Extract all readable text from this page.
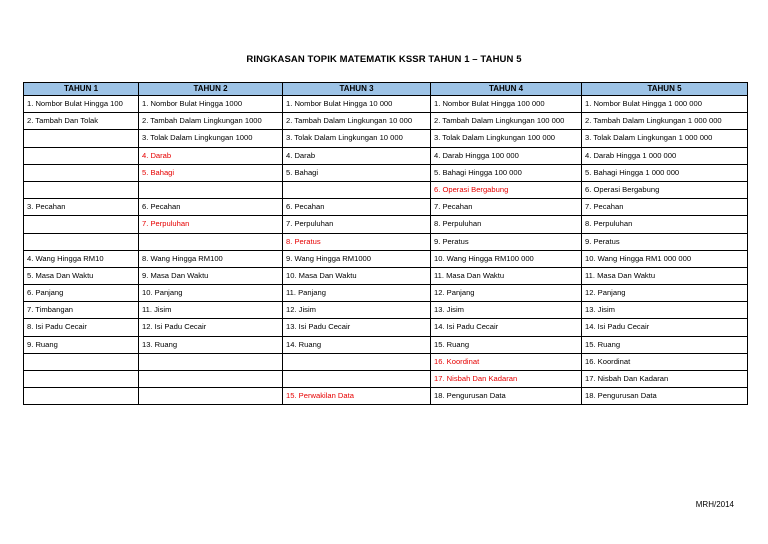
RINGKASAN TOPIK MATEMATIK KSSR TAHUN 1 – TAHUN 5
TAHUN 1	TAHUN 2	TAHUN 3	TAHUN 4	TAHUN 5
1. Nombor Bulat Hingga 100	1. Nombor Bulat Hingga 1000	1. Nombor Bulat Hingga 10 000	1. Nombor Bulat Hingga 100 000	1. Nombor Bulat Hingga 1 000 000
2. Tambah Dan Tolak	2. Tambah Dalam Lingkungan 1000	2. Tambah Dalam Lingkungan 10 000	2. Tambah Dalam Lingkungan 100 000	2. Tambah Dalam Lingkungan 1 000 000
	3. Tolak Dalam Lingkungan 1000	3. Tolak Dalam Lingkungan 10 000	3. Tolak Dalam Lingkungan 100 000	3. Tolak Dalam Lingkungan 1 000 000
	4. Darab	4. Darab	4. Darab Hingga 100 000	4. Darab Hingga 1 000 000
	5. Bahagi	5. Bahagi	5. Bahagi Hingga 100 000	5. Bahagi Hingga 1 000 000
			6. Operasi Bergabung	6. Operasi Bergabung
3. Pecahan	6. Pecahan	6. Pecahan	7. Pecahan	7. Pecahan
	7. Perpuluhan	7. Perpuluhan	8. Perpuluhan	8. Perpuluhan
		8. Peratus	9. Peratus	9. Peratus
4. Wang Hingga RM10	8. Wang Hingga RM100	9. Wang Hingga RM1000	10. Wang Hingga RM100 000	10. Wang Hingga RM1 000 000
5. Masa Dan Waktu	9. Masa Dan Waktu	10. Masa Dan Waktu	11. Masa Dan Waktu	11. Masa Dan Waktu
6. Panjang	10. Panjang	11. Panjang	12. Panjang	12. Panjang
7. Timbangan	11. Jisim	12. Jisim	13. Jisim	13. Jisim
8. Isi Padu Cecair	12. Isi Padu Cecair	13. Isi Padu Cecair	14. Isi Padu Cecair	14. Isi Padu Cecair
9. Ruang	13. Ruang	14. Ruang	15. Ruang	15. Ruang
			16. Koordinat	16. Koordinat
			17. Nisbah Dan Kadaran	17. Nisbah Dan Kadaran
		15. Perwakilan Data	18. Pengurusan Data	18. Pengurusan Data
MRH/2014
